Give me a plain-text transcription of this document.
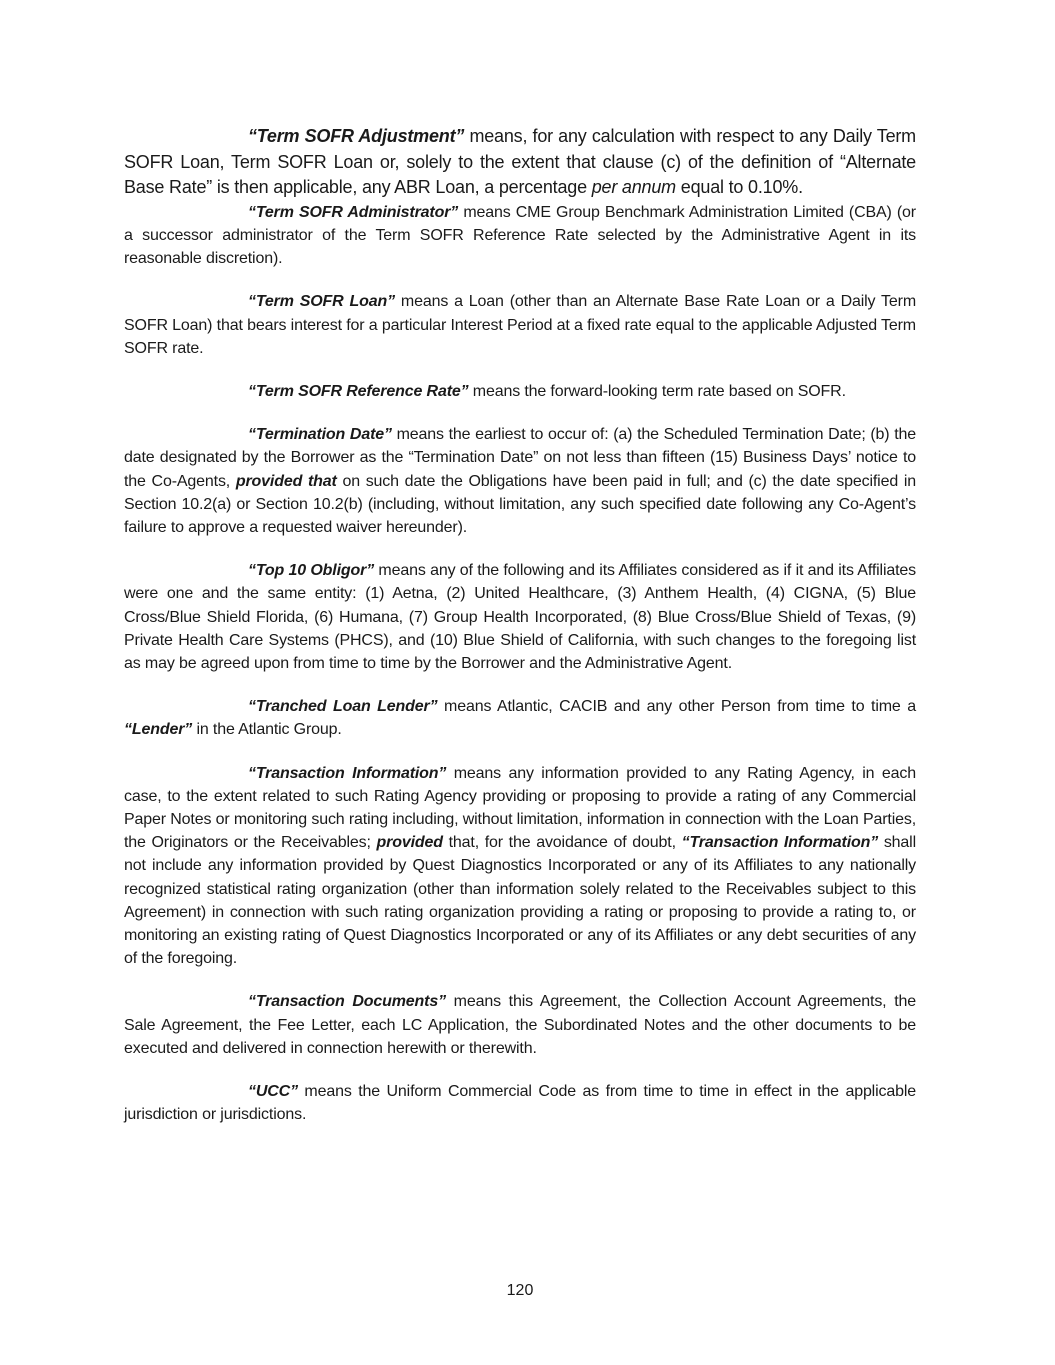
“Term SOFR Adjustment” means, for any calculation with respect to any Daily Term SOFR Loan, Term SOFR Loan or, solely to the extent that clause (c) of the definition of “Alternate Base Rate” is then applicable, any ABR Loan, a percentage per annum equal to 0.10%.

“Term SOFR Administrator” means CME Group Benchmark Administration Limited (CBA) (or a successor administrator of the Term SOFR Reference Rate selected by the Administrative Agent in its reasonable discretion).

“Term SOFR Loan” means a Loan (other than an Alternate Base Rate Loan or a Daily Term SOFR Loan) that bears interest for a particular Interest Period at a fixed rate equal to the applicable Adjusted Term SOFR rate.

“Term SOFR Reference Rate” means the forward-looking term rate based on SOFR.

“Termination Date” means the earliest to occur of: (a) the Scheduled Termination Date; (b) the date designated by the Borrower as the “Termination Date” on not less than fifteen (15) Business Days’ notice to the Co-Agents, provided that on such date the Obligations have been paid in full; and (c) the date specified in Section 10.2(a) or Section 10.2(b) (including, without limitation, any such specified date following any Co-Agent’s failure to approve a requested waiver hereunder).

“Top 10 Obligor” means any of the following and its Affiliates considered as if it and its Affiliates were one and the same entity: (1) Aetna, (2) United Healthcare, (3) Anthem Health, (4) CIGNA, (5) Blue Cross/Blue Shield Florida, (6) Humana, (7) Group Health Incorporated, (8) Blue Cross/Blue Shield of Texas, (9) Private Health Care Systems (PHCS), and (10) Blue Shield of California, with such changes to the foregoing list as may be agreed upon from time to time by the Borrower and the Administrative Agent.

“Tranched Loan Lender” means Atlantic, CACIB and any other Person from time to time a “Lender” in the Atlantic Group.

“Transaction Information” means any information provided to any Rating Agency, in each case, to the extent related to such Rating Agency providing or proposing to provide a rating of any Commercial Paper Notes or monitoring such rating including, without limitation, information in connection with the Loan Parties, the Originators or the Receivables; provided that, for the avoidance of doubt, “Transaction Information” shall not include any information provided by Quest Diagnostics Incorporated or any of its Affiliates to any nationally recognized statistical rating organization (other than information solely related to the Receivables subject to this Agreement) in connection with such rating organization providing a rating or proposing to provide a rating to, or monitoring an existing rating of Quest Diagnostics Incorporated or any of its Affiliates or any debt securities of any of the foregoing.

“Transaction Documents” means this Agreement, the Collection Account Agreements, the Sale Agreement, the Fee Letter, each LC Application, the Subordinated Notes and the other documents to be executed and delivered in connection herewith or therewith.

“UCC” means the Uniform Commercial Code as from time to time in effect in the applicable jurisdiction or jurisdictions.

120
